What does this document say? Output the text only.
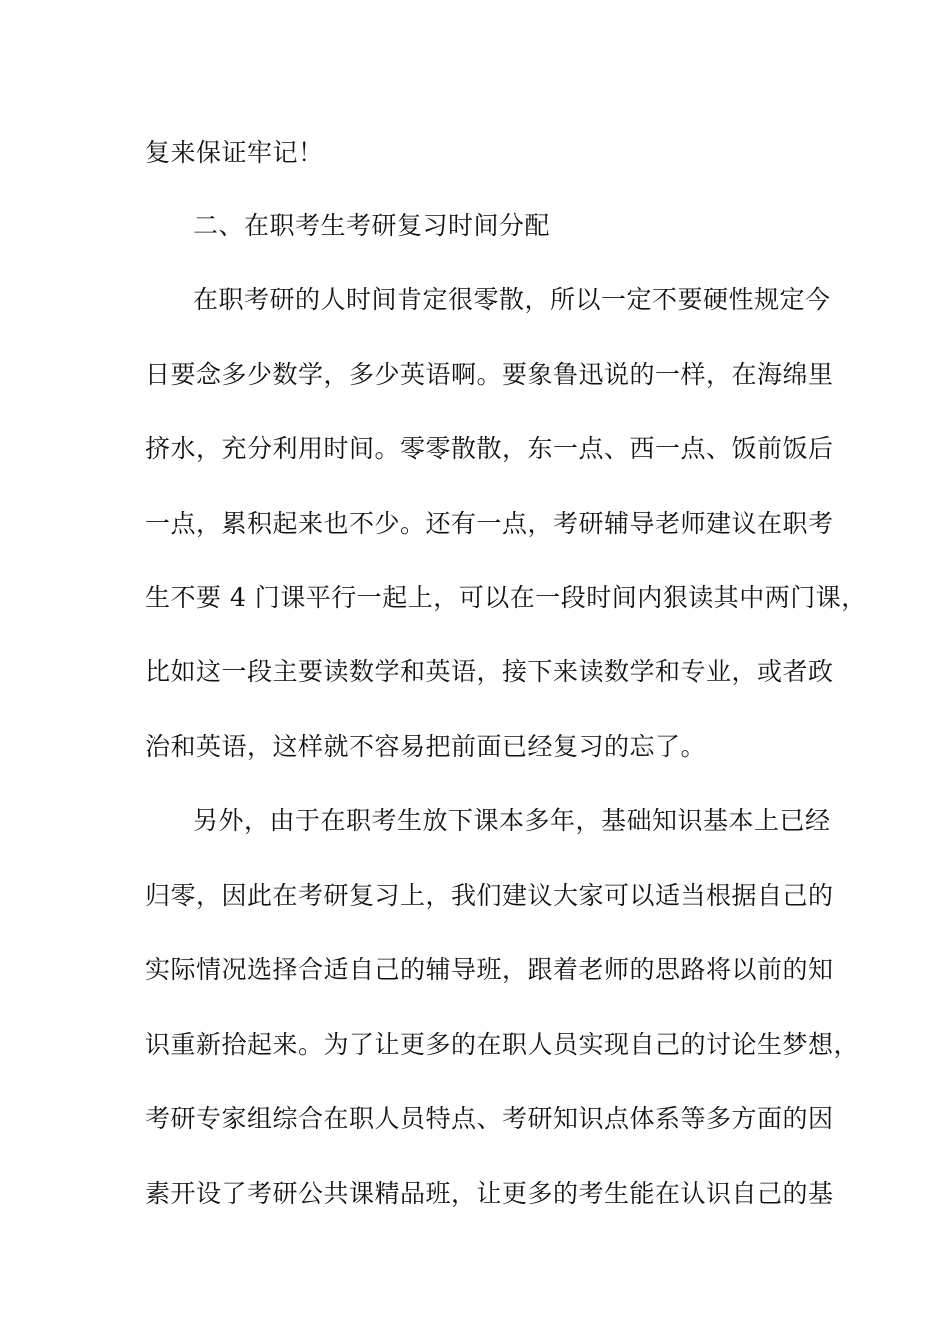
复来保证牢记！
二、在职考生考研复习时间分配
在职考研的人时间肯定很零散，所以一定不要硬性规定今
日要念多少数学，多少英语啊。要象鲁迅说的一样，在海绵里
挤水，充分利用时间。零零散散，东一点、西一点、饭前饭后
一点，累积起来也不少。还有一点，考研辅导老师建议在职考
生不要 4 门课平行一起上，可以在一段时间内狠读其中两门课，
比如这一段主要读数学和英语，接下来读数学和专业，或者政
治和英语，这样就不容易把前面已经复习的忘了。
另外，由于在职考生放下课本多年，基础知识基本上已经
归零，因此在考研复习上，我们建议大家可以适当根据自己的
实际情况选择合适自己的辅导班，跟着老师的思路将以前的知
识重新拾起来。为了让更多的在职人员实现自己的讨论生梦想，
考研专家组综合在职人员特点、考研知识点体系等多方面的因
素开设了考研公共课精品班，让更多的考生能在认识自己的基
